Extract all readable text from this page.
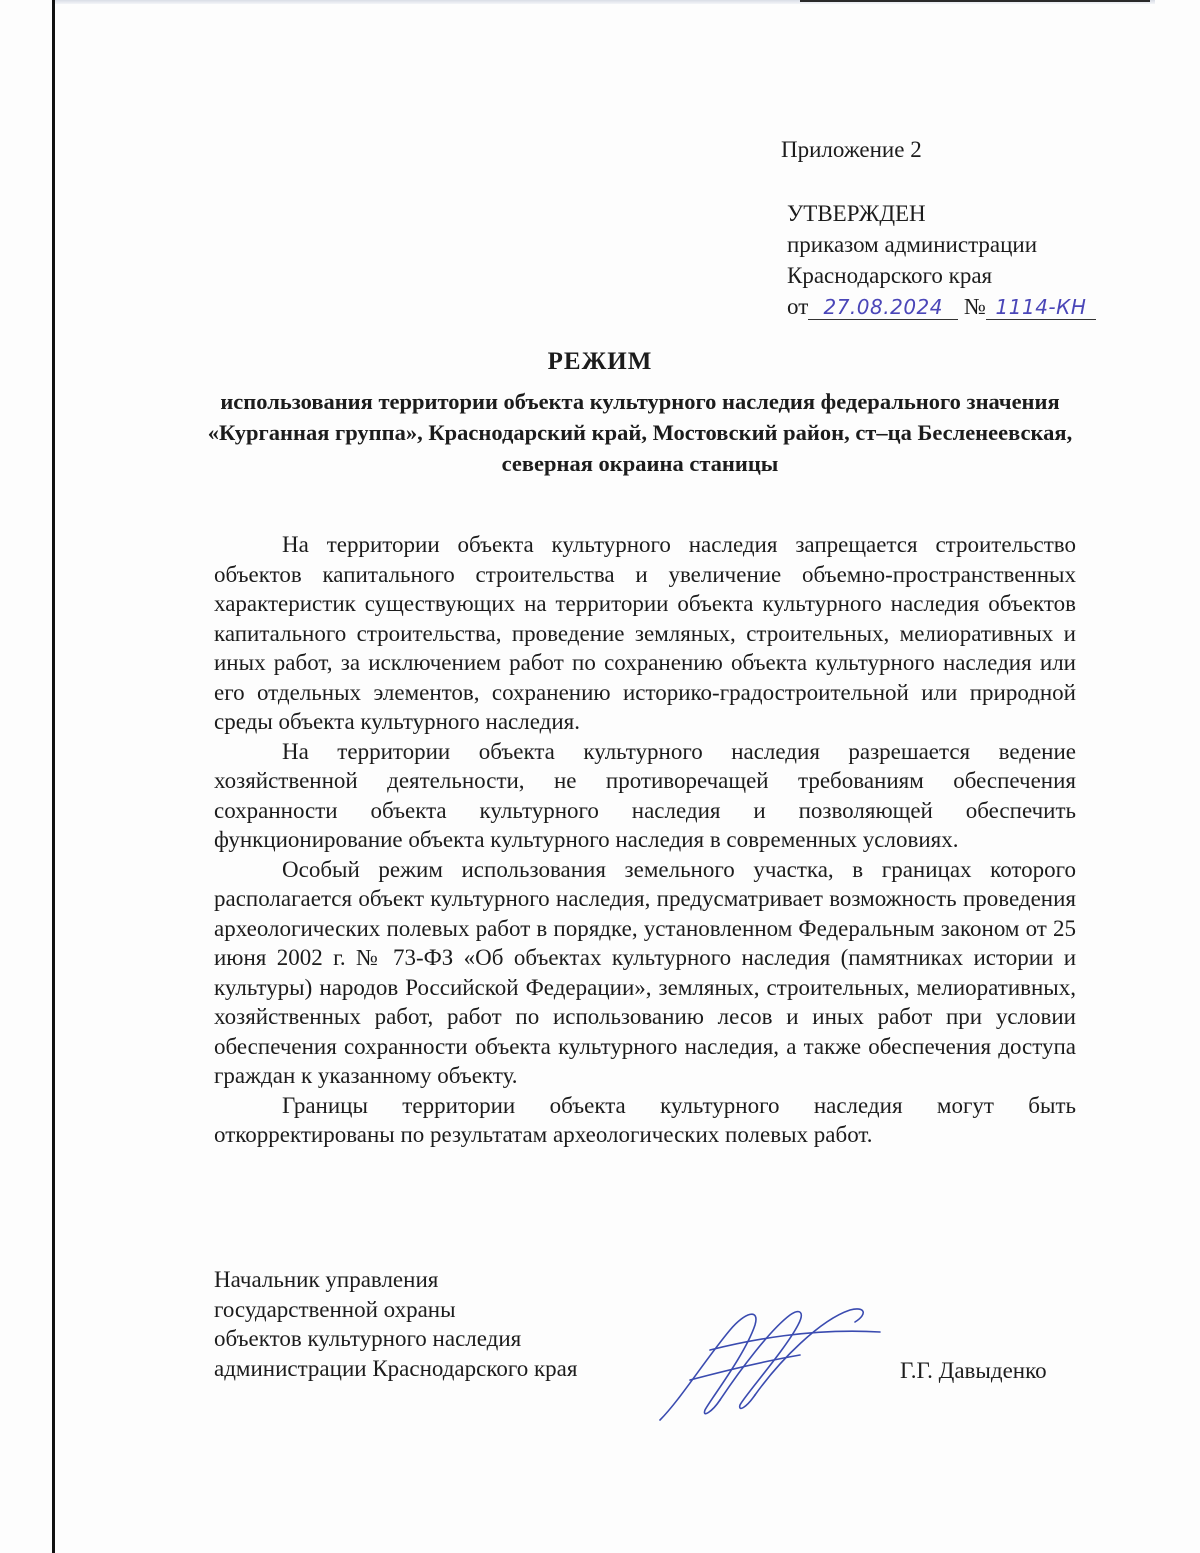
Приложение 2
УТВЕРЖДЕН
приказом администрации
Краснодарского края
от 27.08.2024 № 1114-КН
РЕЖИМ
использования территории объекта культурного наследия федерального значения «Курганная группа», Краснодарский край, Мостовский район, ст–ца Бесленеевская, северная окраина станицы

На территории объекта культурного наследия запрещается строительство объектов капитального строительства и увеличение объемно-пространственных характеристик существующих на территории объекта культурного наследия объектов капитального строительства, проведение земляных, строительных, мелиоративных и иных работ, за исключением работ по сохранению объекта культурного наследия или его отдельных элементов, сохранению историко-градостроительной или природной среды объекта культурного наследия.

На территории объекта культурного наследия разрешается ведение хозяйственной деятельности, не противоречащей требованиям обеспечения сохранности объекта культурного наследия и позволяющей обеспечить функционирование объекта культурного наследия в современных условиях.

Особый режим использования земельного участка, в границах которого располагается объект культурного наследия, предусматривает возможность проведения археологических полевых работ в порядке, установленном Федеральным законом от 25 июня 2002 г. № 73-ФЗ «Об объектах культурного наследия (памятниках истории и культуры) народов Российской Федерации», земляных, строительных, мелиоративных, хозяйственных работ, работ по использованию лесов и иных работ при условии обеспечения сохранности объекта культурного наследия, а также обеспечения доступа граждан к указанному объекту.

Границы территории объекта культурного наследия могут быть откорректированы по результатам археологических полевых работ.

Начальник управления
государственной охраны
объектов культурного наследия
администрации Краснодарского края	Г.Г. Давыденко
